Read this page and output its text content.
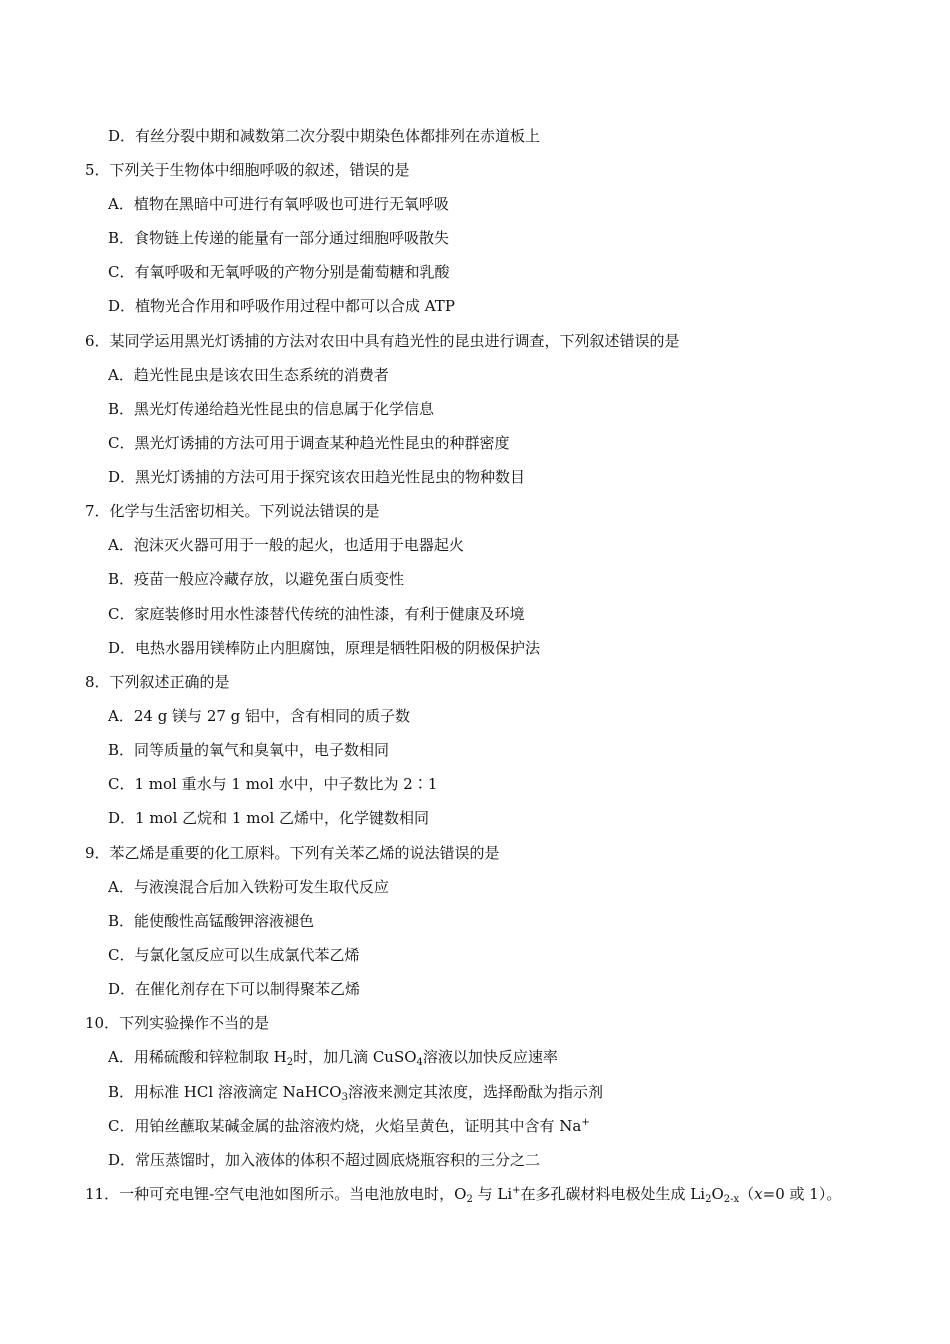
D．有丝分裂中期和减数第二次分裂中期染色体都排列在赤道板上
5．下列关于生物体中细胞呼吸的叙述，错误的是
A．植物在黑暗中可进行有氧呼吸也可进行无氧呼吸
B．食物链上传递的能量有一部分通过细胞呼吸散失
C．有氧呼吸和无氧呼吸的产物分别是葡萄糖和乳酸
D．植物光合作用和呼吸作用过程中都可以合成 ATP
6．某同学运用黑光灯诱捕的方法对农田中具有趋光性的昆虫进行调查，下列叙述错误的是
A．趋光性昆虫是该农田生态系统的消费者
B．黑光灯传递给趋光性昆虫的信息属于化学信息
C．黑光灯诱捕的方法可用于调查某种趋光性昆虫的种群密度
D．黑光灯诱捕的方法可用于探究该农田趋光性昆虫的物种数目
7．化学与生活密切相关。下列说法错误的是
A．泡沫灭火器可用于一般的起火，也适用于电器起火
B．疫苗一般应冷藏存放，以避免蛋白质变性
C．家庭装修时用水性漆替代传统的油性漆，有利于健康及环境
D．电热水器用镁棒防止内胆腐蚀，原理是牺牲阳极的阴极保护法
8．下列叙述正确的是
A．24 g 镁与 27 g 铝中，含有相同的质子数
B．同等质量的氧气和臭氧中，电子数相同
C．1 mol 重水与 1 mol 水中，中子数比为 2∶1
D．1 mol 乙烷和 1 mol 乙烯中，化学键数相同
9．苯乙烯是重要的化工原料。下列有关苯乙烯的说法错误的是
A．与液溴混合后加入铁粉可发生取代反应
B．能使酸性高锰酸钾溶液褪色
C．与氯化氢反应可以生成氯代苯乙烯
D．在催化剂存在下可以制得聚苯乙烯
10．下列实验操作不当的是
A．用稀硫酸和锌粒制取 $H_2$时，加几滴 CuSO$_4$溶液以加快反应速率
B．用标准 HCl 溶液滴定 NaHCO$_3$溶液来测定其浓度，选择酚酞为指示剂
C．用铂丝蘸取某碱金属的盐溶液灼烧，火焰呈黄色，证明其中含有 Na+
D．常压蒸馏时，加入液体的体积不超过圆底烧瓶容积的三分之二
11．一种可充电锂-空气电池如图所示。当电池放电时，$O_2$ 与 Li+在多孔碳材料电极处生成 $Li_2O_{2-x}(x=0$ 或 1）。
